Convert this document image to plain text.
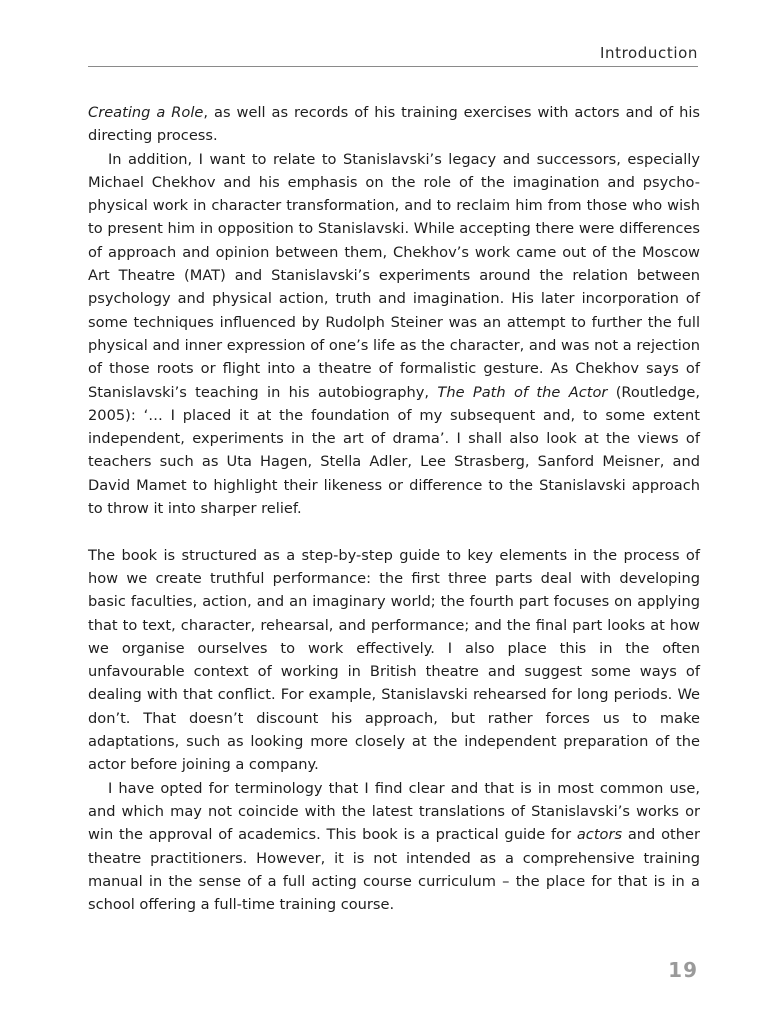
Introduction

Creating a Role, as well as records of his training exercises with actors and of his directing process.

In addition, I want to relate to Stanislavski’s legacy and successors, especially Michael Chekhov and his emphasis on the role of the imagination and psycho-physical work in character transformation, and to reclaim him from those who wish to present him in opposition to Stanislavski. While accepting there were differences of approach and opinion between them, Chekhov’s work came out of the Moscow Art Theatre (MAT) and Stanislavski’s experiments around the relation between psychology and physical action, truth and imagination. His later incorporation of some techniques influenced by Rudolph Steiner was an attempt to further the full physical and inner expression of one’s life as the character, and was not a rejection of those roots or flight into a theatre of formalistic gesture. As Chekhov says of Stanislavski’s teaching in his autobiography, The Path of the Actor (Routledge, 2005): ‘… I placed it at the foundation of my subsequent and, to some extent independent, experiments in the art of drama’. I shall also look at the views of teachers such as Uta Hagen, Stella Adler, Lee Strasberg, Sanford Meisner, and David Mamet to highlight their likeness or difference to the Stanislavski approach to throw it into sharper relief.

The book is structured as a step-by-step guide to key elements in the process of how we create truthful performance: the first three parts deal with developing basic faculties, action, and an imaginary world; the fourth part focuses on applying that to text, character, rehearsal, and performance; and the final part looks at how we organise ourselves to work effectively. I also place this in the often unfavourable context of working in British theatre and suggest some ways of dealing with that conflict. For example, Stanislavski rehearsed for long periods. We don’t. That doesn’t discount his approach, but rather forces us to make adaptations, such as looking more closely at the independent preparation of the actor before joining a company.

I have opted for terminology that I find clear and that is in most common use, and which may not coincide with the latest translations of Stanislavski’s works or win the approval of academics. This book is a practical guide for actors and other theatre practitioners. However, it is not intended as a comprehensive training manual in the sense of a full acting course curriculum – the place for that is in a school offering a full-time training course.

19
